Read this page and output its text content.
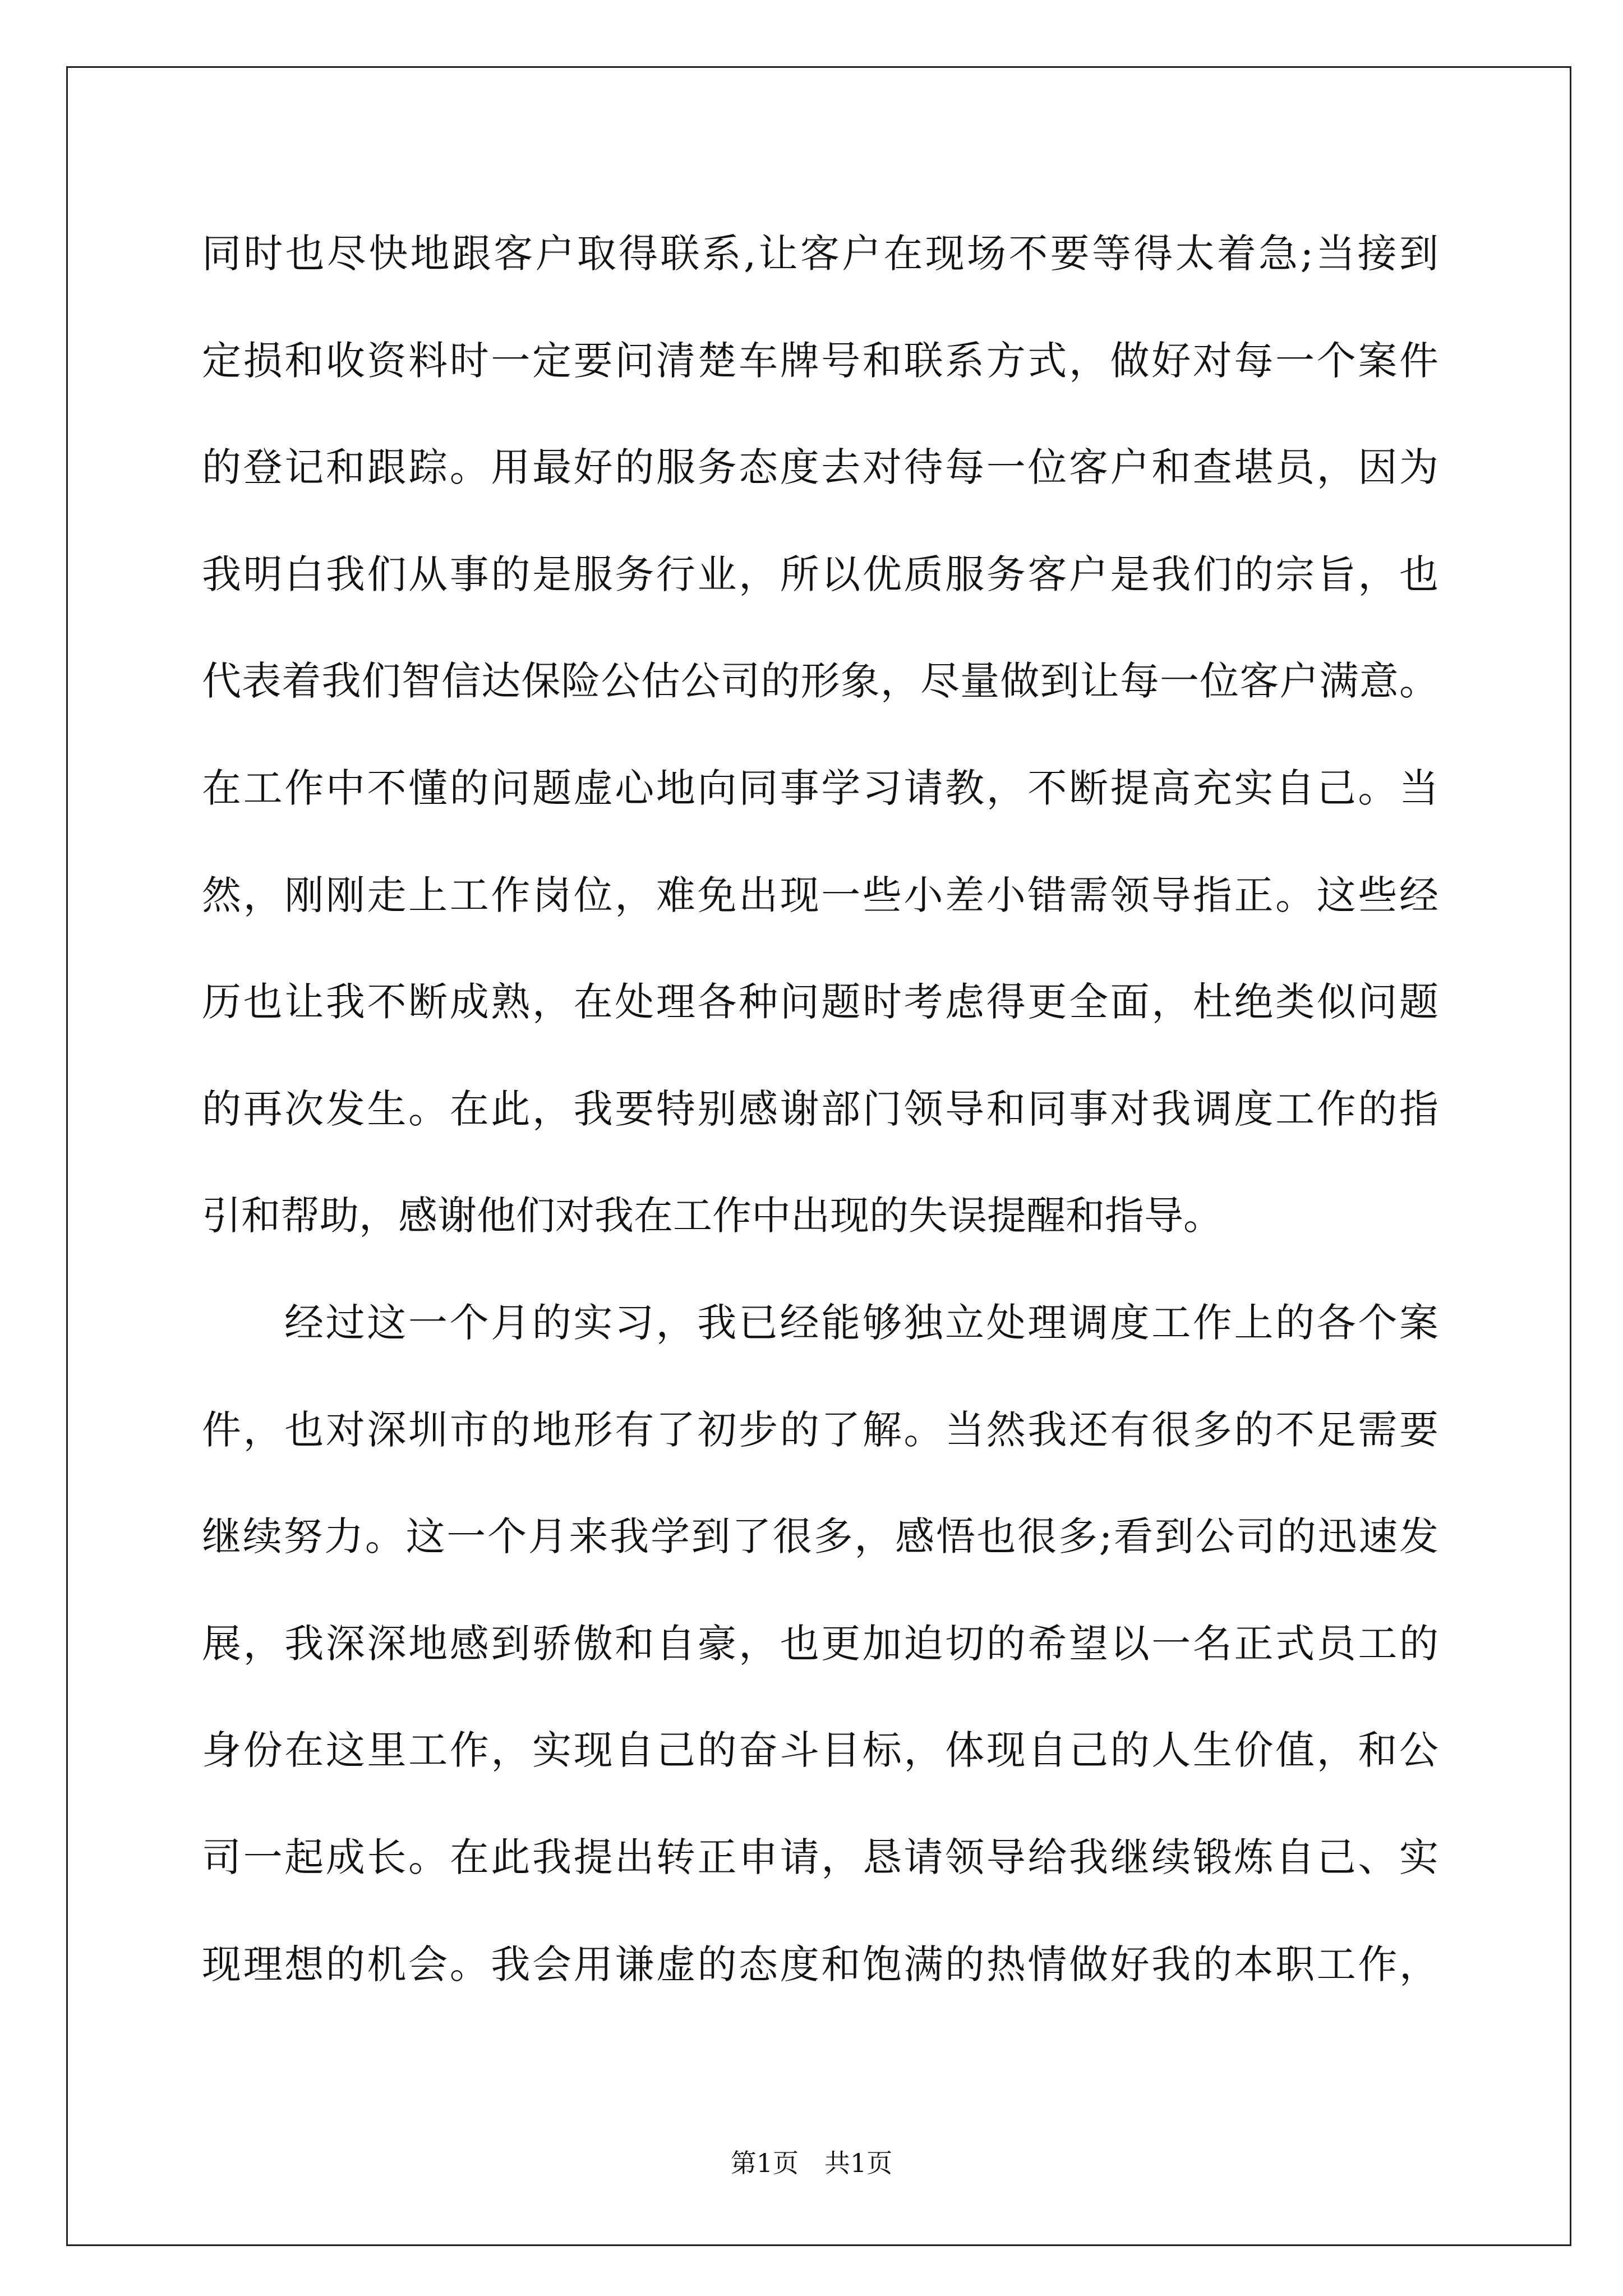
同时也尽快地跟客户取得联系,让客户在现场不要等得太着急;当接到
定损和收资料时一定要问清楚车牌号和联系方式，做好对每一个案件
的登记和跟踪。用最好的服务态度去对待每一位客户和查堪员，因为
我明白我们从事的是服务行业，所以优质服务客户是我们的宗旨，也
代表着我们智信达保险公估公司的形象，尽量做到让每一位客户满意。
在工作中不懂的问题虚心地向同事学习请教，不断提高充实自己。当
然，刚刚走上工作岗位，难免出现一些小差小错需领导指正。这些经
历也让我不断成熟，在处理各种问题时考虑得更全面，杜绝类似问题
的再次发生。在此，我要特别感谢部门领导和同事对我调度工作的指
引和帮助，感谢他们对我在工作中出现的失误提醒和指导。
经过这一个月的实习，我已经能够独立处理调度工作上的各个案
件，也对深圳市的地形有了初步的了解。当然我还有很多的不足需要
继续努力。这一个月来我学到了很多，感悟也很多;看到公司的迅速发
展，我深深地感到骄傲和自豪，也更加迫切的希望以一名正式员工的
身份在这里工作，实现自己的奋斗目标，体现自己的人生价值，和公
司一起成长。在此我提出转正申请，恳请领导给我继续锻炼自己、实
现理想的机会。我会用谦虚的态度和饱满的热情做好我的本职工作，
第1页　共1页
